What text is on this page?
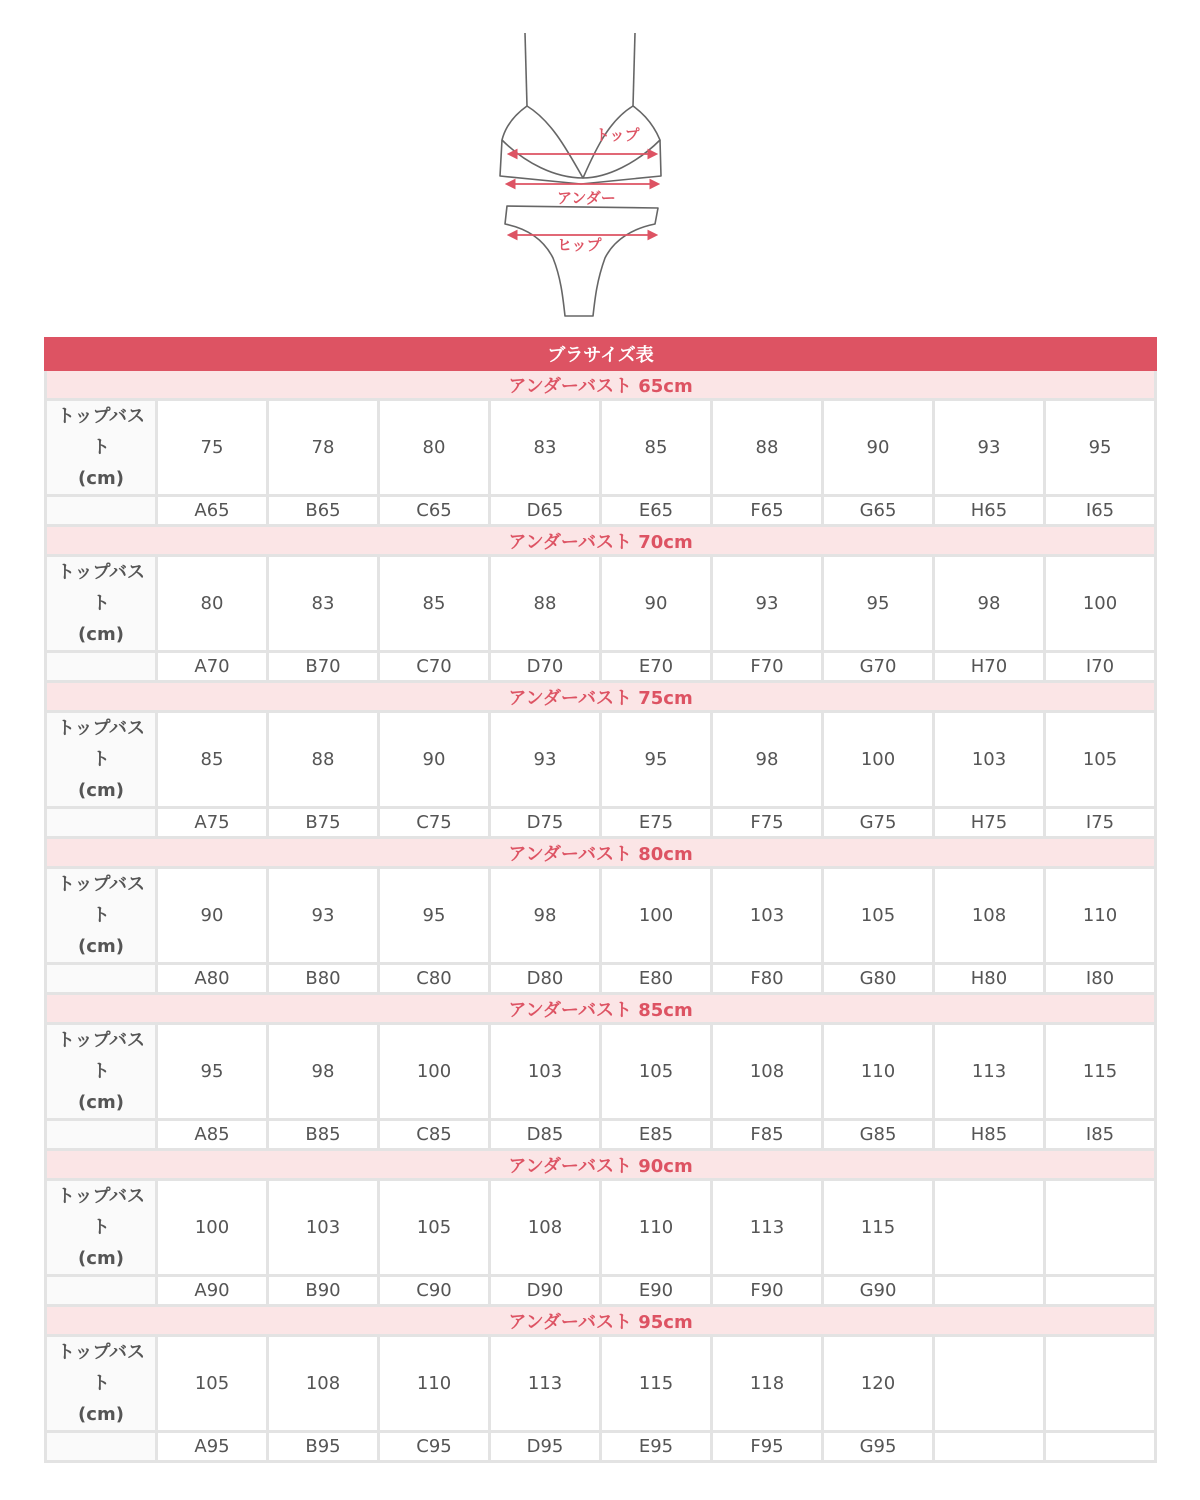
トップ
アンダー
ヒップ
ブラサイズ表									
アンダーバスト 65cm									

トップバス
ト
(cm)	75	78	80	83	85	88	90	93	95
	A65	B65	C65	D65	E65	F65	G65	H65	I65
アンダーバスト 70cm									

トップバス
ト
(cm)	80	83	85	88	90	93	95	98	100
	A70	B70	C70	D70	E70	F70	G70	H70	I70
アンダーバスト 75cm									

トップバス
ト
(cm)	85	88	90	93	95	98	100	103	105
	A75	B75	C75	D75	E75	F75	G75	H75	I75
アンダーバスト 80cm									

トップバス
ト
(cm)	90	93	95	98	100	103	105	108	110
	A80	B80	C80	D80	E80	F80	G80	H80	I80
アンダーバスト 85cm									

トップバス
ト
(cm)	95	98	100	103	105	108	110	113	115
	A85	B85	C85	D85	E85	F85	G85	H85	I85
アンダーバスト 90cm									

トップバス
ト
(cm)	100	103	105	108	110	113	115		
	A90	B90	C90	D90	E90	F90	G90		
アンダーバスト 95cm									

トップバス
ト
(cm)	105	108	110	113	115	118	120		
	A95	B95	C95	D95	E95	F95	G95		
